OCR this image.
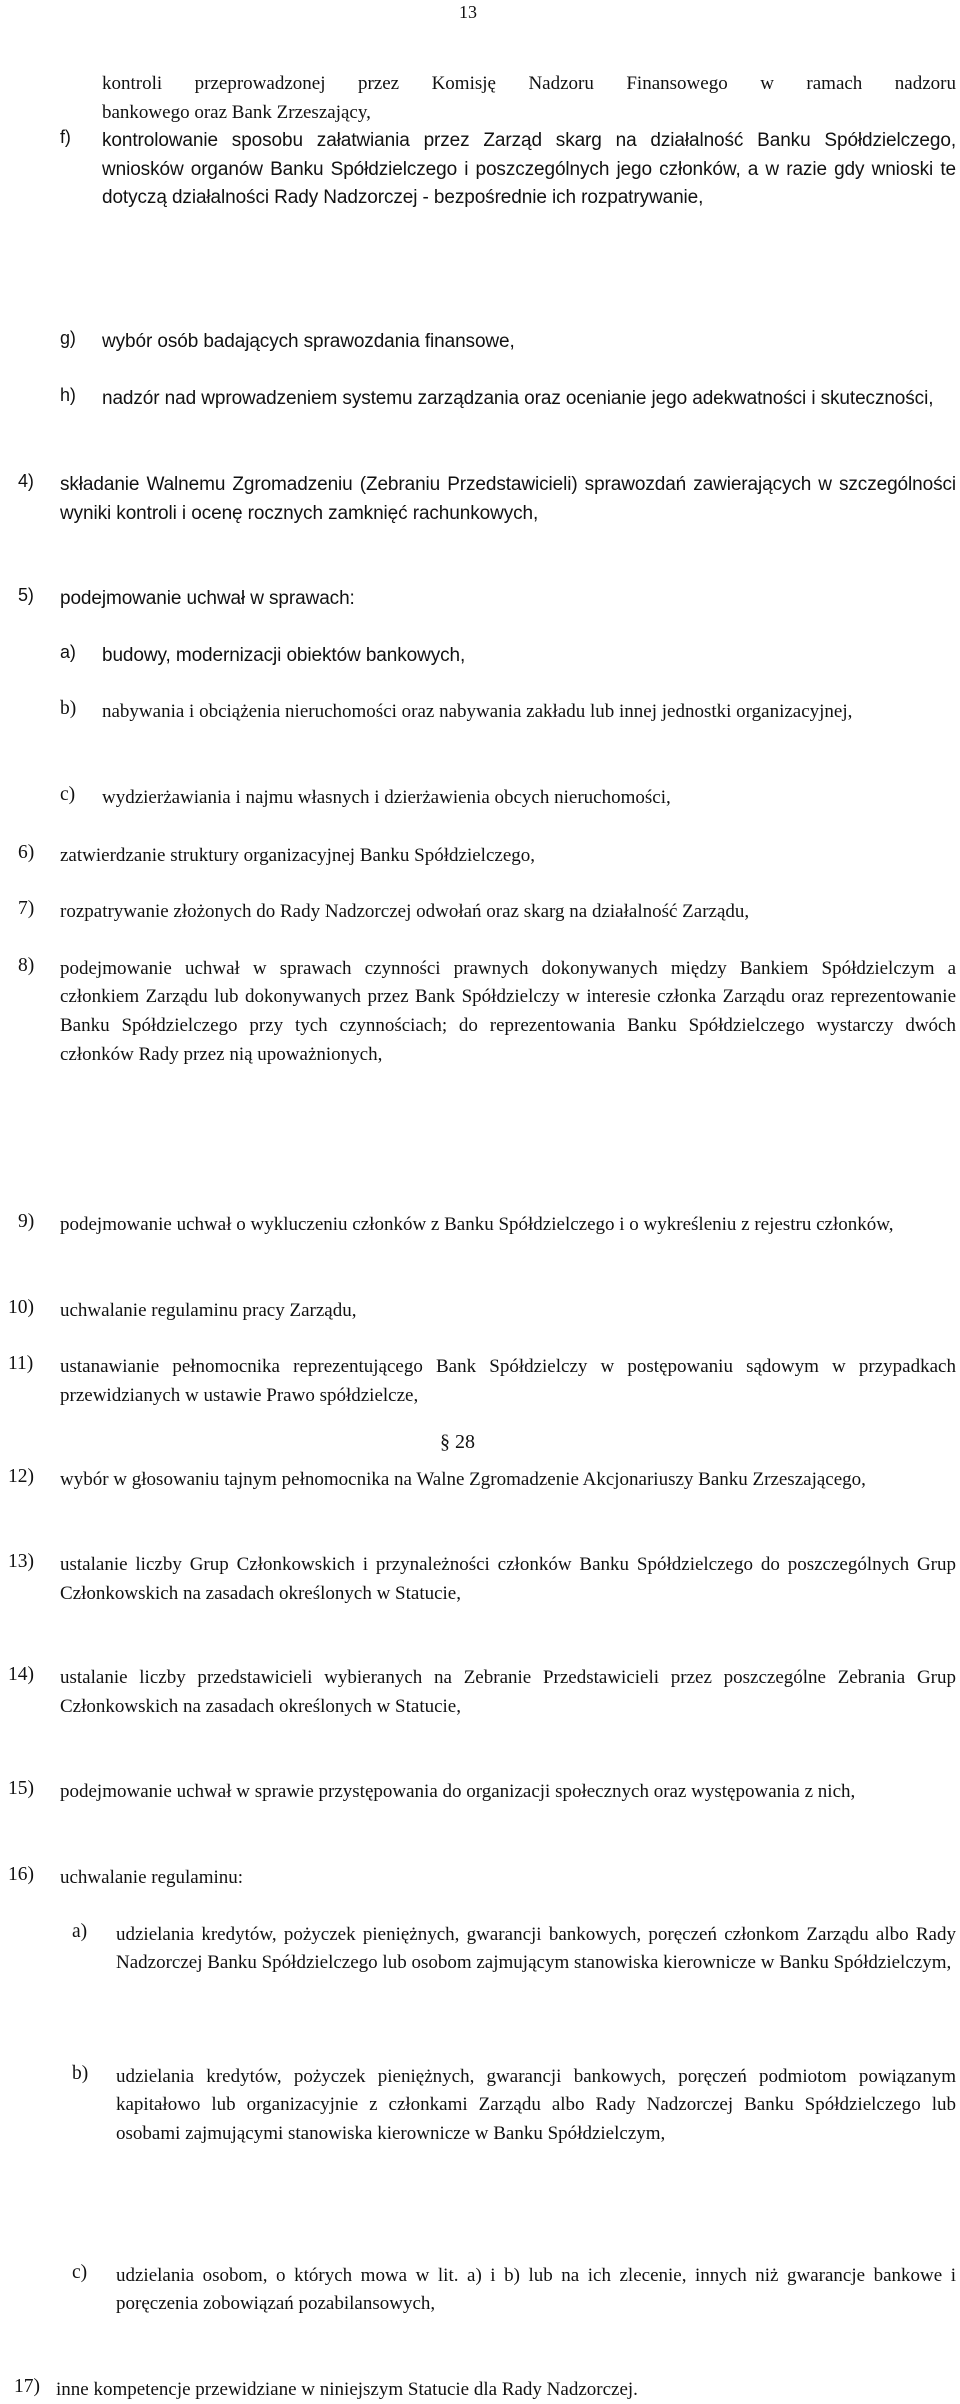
13

kontroli przeprowadzonej przez Komisję Nadzoru Finansowego w ramach nadzoru

bankowego oraz Bank Zrzeszający,

f) kontrolowanie sposobu załatwiania przez Zarząd skarg na działalność Banku Spółdzielczego, wniosków organów Banku Spółdzielczego i poszczególnych jego członków, a w razie gdy wnioski te dotyczą działalności Rady Nadzorczej - bezpośrednie ich rozpatrywanie,

g) wybór osób badających sprawozdania finansowe,

h) nadzór nad wprowadzeniem systemu zarządzania oraz ocenianie jego adekwatności i skuteczności,

4) składanie Walnemu Zgromadzeniu (Zebraniu Przedstawicieli) sprawozdań zawierających w szczególności wyniki kontroli i ocenę rocznych zamknięć rachunkowych,

5) podejmowanie uchwał w sprawach:

a) budowy, modernizacji obiektów bankowych,

b) nabywania i obciążenia nieruchomości oraz nabywania zakładu lub innej jednostki organizacyjnej,

c) wydzierżawiania i najmu własnych i dzierżawienia obcych nieruchomości,

6) zatwierdzanie struktury organizacyjnej Banku Spółdzielczego,

7) rozpatrywanie złożonych do Rady Nadzorczej odwołań oraz skarg na działalność Zarządu,

8) podejmowanie uchwał w sprawach czynności prawnych dokonywanych między Bankiem Spółdzielczym a członkiem Zarządu lub dokonywanych przez Bank Spółdzielczy w interesie członka Zarządu oraz reprezentowanie Banku Spółdzielczego przy tych czynnościach; do reprezentowania Banku Spółdzielczego wystarczy dwóch członków Rady przez nią upoważnionych,

9) podejmowanie uchwał o wykluczeniu członków z Banku Spółdzielczego i o wykreśleniu z rejestru członków,

10) uchwalanie regulaminu pracy Zarządu,

11) ustanawianie pełnomocnika reprezentującego Bank Spółdzielczy w postępowaniu sądowym w przypadkach przewidzianych w ustawie Prawo spółdzielcze,

12) wybór w głosowaniu tajnym pełnomocnika na Walne Zgromadzenie Akcjonariuszy Banku Zrzeszającego,

13) ustalanie liczby Grup Członkowskich i przynależności członków Banku Spółdzielczego do poszczególnych Grup Członkowskich na zasadach określonych w Statucie,

14) ustalanie liczby przedstawicieli wybieranych na Zebranie Przedstawicieli przez poszczególne Zebrania Grup Członkowskich na zasadach określonych w Statucie,

15) podejmowanie uchwał w sprawie przystępowania do organizacji społecznych oraz występowania z nich,

16) uchwalanie regulaminu:

a) udzielania kredytów, pożyczek pieniężnych, gwarancji bankowych, poręczeń członkom Zarządu albo Rady Nadzorczej Banku Spółdzielczego lub osobom zajmującym stanowiska kierownicze w Banku Spółdzielczym,

b) udzielania kredytów, pożyczek pieniężnych, gwarancji bankowych, poręczeń podmiotom powiązanym kapitałowo lub organizacyjnie z członkami Zarządu albo Rady Nadzorczej Banku Spółdzielczego lub osobami zajmującymi stanowiska kierownicze w Banku Spółdzielczym,

c) udzielania osobom, o których mowa w lit. a) i b) lub na ich zlecenie, innych niż gwarancje bankowe i poręczenia zobowiązań pozabilansowych,

17) inne kompetencje przewidziane w niniejszym Statucie dla Rady Nadzorczej.

§ 28
